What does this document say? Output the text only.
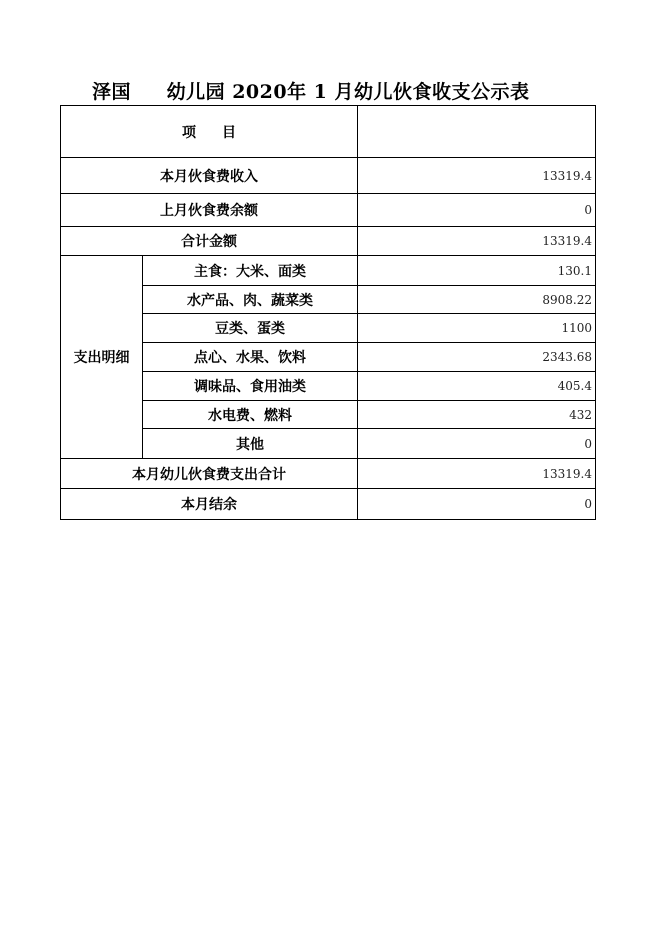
泽国     幼儿园 2020年 1 月幼儿伙食收支公示表
项 目		
本月伙食费收入		13319.4
上月伙食费余额		0
合计金额		13319.4
支出明细	主食：大米、面类	130.1
	水产品、肉、蔬菜类	8908.22
	豆类、蛋类	1100
	点心、水果、饮料	2343.68
	调味品、食用油类	405.4
	水电费、燃料	432
	其他	0
本月幼儿伙食费支出合计		13319.4
本月结余		0
